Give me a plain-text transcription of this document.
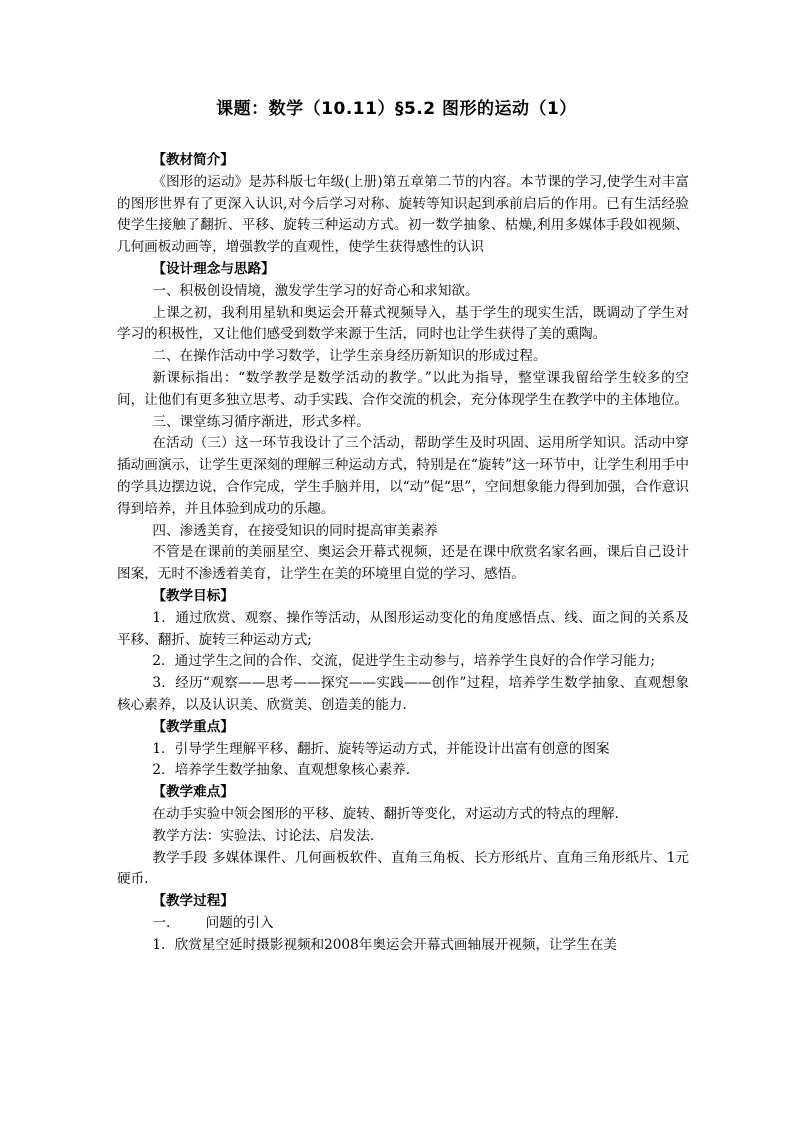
课题：数学（10.11）§5.2 图形的运动（1）

【教材简介】

《图形的运动》是苏科版七年级(上册)第五章第二节的内容。本节课的学习,使学生对丰富的图形世界有了更深入认识,对今后学习对称、旋转等知识起到承前启后的作用。已有生活经验使学生接触了翻折、平移、旋转三种运动方式。初一数学抽象、枯燥,利用多媒体手段如视频、几何画板动画等，增强教学的直观性，使学生获得感性的认识

【设计理念与思路】

一、积极创设情境，激发学生学习的好奇心和求知欲。

上课之初，我利用星轨和奥运会开幕式视频导入，基于学生的现实生活，既调动了学生对学习的积极性，又让他们感受到数学来源于生活，同时也让学生获得了美的熏陶。

二、在操作活动中学习数学，让学生亲身经历新知识的形成过程。

新课标指出：“数学教学是数学活动的教学。”以此为指导，整堂课我留给学生较多的空间，让他们有更多独立思考、动手实践、合作交流的机会，充分体现学生在教学中的主体地位。

三、课堂练习循序渐进，形式多样。

在活动（三）这一环节我设计了三个活动，帮助学生及时巩固、运用所学知识。活动中穿插动画演示，让学生更深刻的理解三种运动方式，特别是在“旋转”这一环节中，让学生利用手中的学具边摆边说，合作完成，学生手脑并用，以“动”促“思”，空间想象能力得到加强，合作意识得到培养，并且体验到成功的乐趣。

四、渗透美育，在接受知识的同时提高审美素养

不管是在课前的美丽星空、奥运会开幕式视频，还是在课中欣赏名家名画，课后自己设计图案，无时不渗透着美育，让学生在美的环境里自觉的学习、感悟。

【教学目标】

1．通过欣赏、观察、操作等活动，从图形运动变化的角度感悟点、线、面之间的关系及平移、翻折、旋转三种运动方式;

2．通过学生之间的合作、交流，促进学生主动参与，培养学生良好的合作学习能力;

3．经历“观察——思考——探究——实践——创作”过程，培养学生数学抽象、直观想象核心素养，以及认识美、欣赏美、创造美的能力.

【教学重点】

1．引导学生理解平移、翻折、旋转等运动方式，并能设计出富有创意的图案

2．培养学生数学抽象、直观想象核心素养.

【教学难点】

在动手实验中领会图形的平移、旋转、翻折等变化，对运动方式的特点的理解.

教学方法：实验法、讨论法、启发法.

教学手段 多媒体课件、几何画板软件、直角三角板、长方形纸片、直角三角形纸片、1元硬币.

【教学过程】

一.	问题的引入

1．欣赏星空延时摄影视频和2008年奥运会开幕式画轴展开视频，让学生在美
